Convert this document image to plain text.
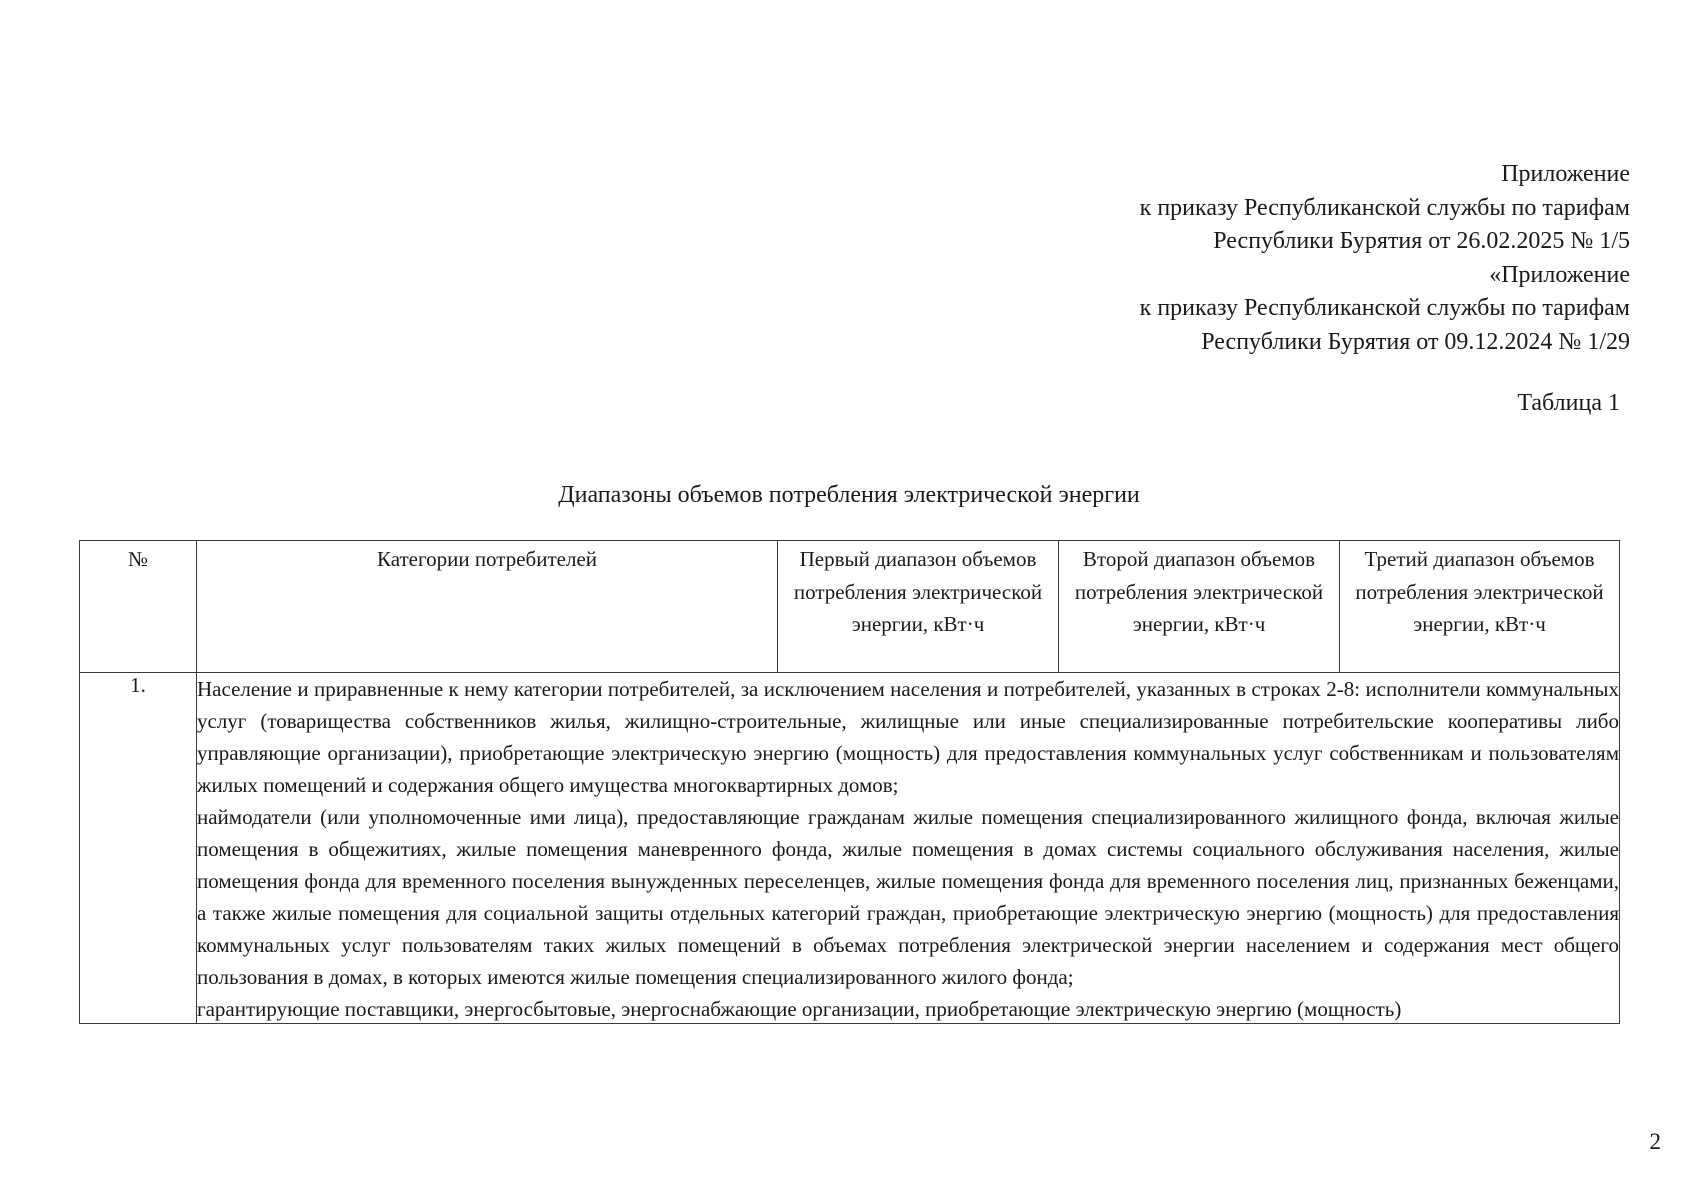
Приложение
к приказу Республиканской службы по тарифам
Республики Бурятия от 26.02.2025 № 1/5
«Приложение
к приказу Республиканской службы по тарифам
Республики Бурятия от 09.12.2024 № 1/29
Таблица 1
Диапазоны объемов потребления электрической энергии
№	Категории потребителей	Первый диапазон объемов потребления электрической энергии, кВт·ч	Второй диапазон объемов потребления электрической энергии, кВт·ч	Третий диапазон объемов потребления электрической энергии, кВт·ч
1.	Население и приравненные к нему категории потребителей, за исключением населения и потребителей, указанных в строках 2-8: исполнители коммунальных услуг (товарищества собственников жилья, жилищно-строительные, жилищные или иные специализированные потребительские кооперативы либо управляющие организации), приобретающие электрическую энергию (мощность) для предоставления коммунальных услуг собственникам и пользователям жилых помещений и содержания общего имущества многоквартирных домов;

наймодатели (или уполномоченные ими лица), предоставляющие гражданам жилые помещения специализированного жилищного фонда, включая жилые помещения в общежитиях, жилые помещения маневренного фонда, жилые помещения в домах системы социального обслуживания населения, жилые помещения фонда для временного поселения вынужденных переселенцев, жилые помещения фонда для временного поселения лиц, признанных беженцами, а также жилые помещения для социальной защиты отдельных категорий граждан, приобретающие электрическую энергию (мощность) для предоставления коммунальных услуг пользователям таких жилых помещений в объемах потребления электрической энергии населением и содержания мест общего пользования в домах, в которых имеются жилые помещения специализированного жилого фонда;

гарантирующие поставщики, энергосбытовые, энергоснабжающие организации, приобретающие электрическую энергию (мощность)			

2
